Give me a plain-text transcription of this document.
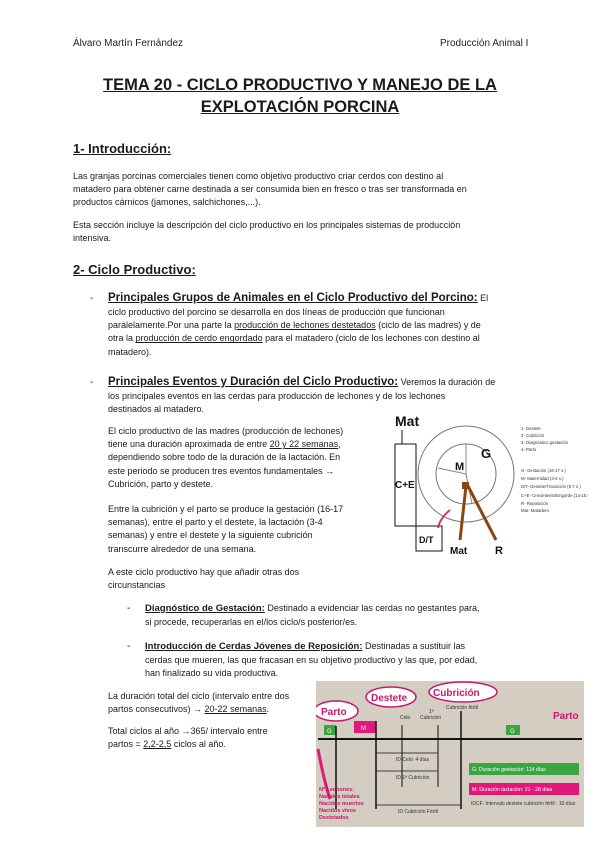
Álvaro Martín Fernández	Producción Animal I
TEMA 20 - CICLO PRODUCTIVO Y MANEJO DE LA
EXPLOTACIÓN PORCINA
1- Introducción:
Las granjas porcinas comerciales tienen como objetivo productivo criar cerdos con destino al
matadero para obtener carne destinada a ser consumida bien en fresco o tras ser transformada en
productos cárnicos (jamones, salchichones,...).
Esta sección incluye la descripción del ciclo productivo en los principales sistemas de producción
intensiva.
2- Ciclo Productivo:
- Principales Grupos de Animales en el Ciclo Productivo del Porcino: El
ciclo productivo del porcino se desarrolla en dos líneas de producción que funcionan
paralelamente.Por una parte la producción de lechones destetados (ciclo de las madres) y de
otra la producción de cerdo engordado para el matadero (ciclo de los lechones con destino al
matadero).
- Principales Eventos y Duración del Ciclo Productivo: Veremos la duración de
los principales eventos en las cerdas para producción de lechones y de los lechones
destinados al matadero.
El ciclo productivo de las madres (producción de lechones)
tiene una duración aproximada de entre 20 y 22 semanas,
dependiendo sobre todo de la duración de la lactación. En
este periodo se producen tres eventos fundamentales →
Cubrición, parto y destete.
Entre la cubrición y el parto se produce la gestación (16-17
semanas), entre el parto y el destete, la lactación (3-4
semanas) y entre el destete y la siguiente cubrición
transcurre alrededor de una semana.
A este ciclo productivo hay que añadir otras dos
circunstancias
- Diagnóstico de Gestación: Destinado a evidenciar las cerdas no gestantes para,
si procede, recuperarlas en el/los ciclo/s posterior/es.
- Introducción de Cerdas Jóvenes de Reposición: Destinadas a sustituir las
cerdas que mueren, las que fracasan en su objetivo productivo y las que, por edad,
han finalizado su vida productiva.
La duración total del ciclo (intervalo entre dos
partos consecutivos) → 20-22 semanas.
Total ciclos al año →365/ intervalo entre
partos = 2,2-2,5 ciclos al año.
Mat
C+E
D/T
G
M
Mat	R
1- Destete
2- Cubrición
3- Diagnóstico gestación
4- Parto
G- Gestación (16-17 s.)
M- Maternidad (3-4 s.)
D/T- Destete/Transición (5-7 s.)
C+E- Crecimiento/Engorde (14-15 s.)
R- Reposición
Mat- Matadero
Parto
Destete	Cubrición
Cubrición fértil
Parto
Celo
1ª
Cubrición
G	M	G
ID Celo: 4 días
ID 1ª Cubrición
ID Cubrición Fértil
G: Duración gestación: 114 días
M: Duración lactación: 21 - 28 días
IDCF: Intervalo destete cubrición fértil : 10 días
Nº Lechones:
Nacidos totales
Nacidos muertos
Nacidos vivos
Destetados
